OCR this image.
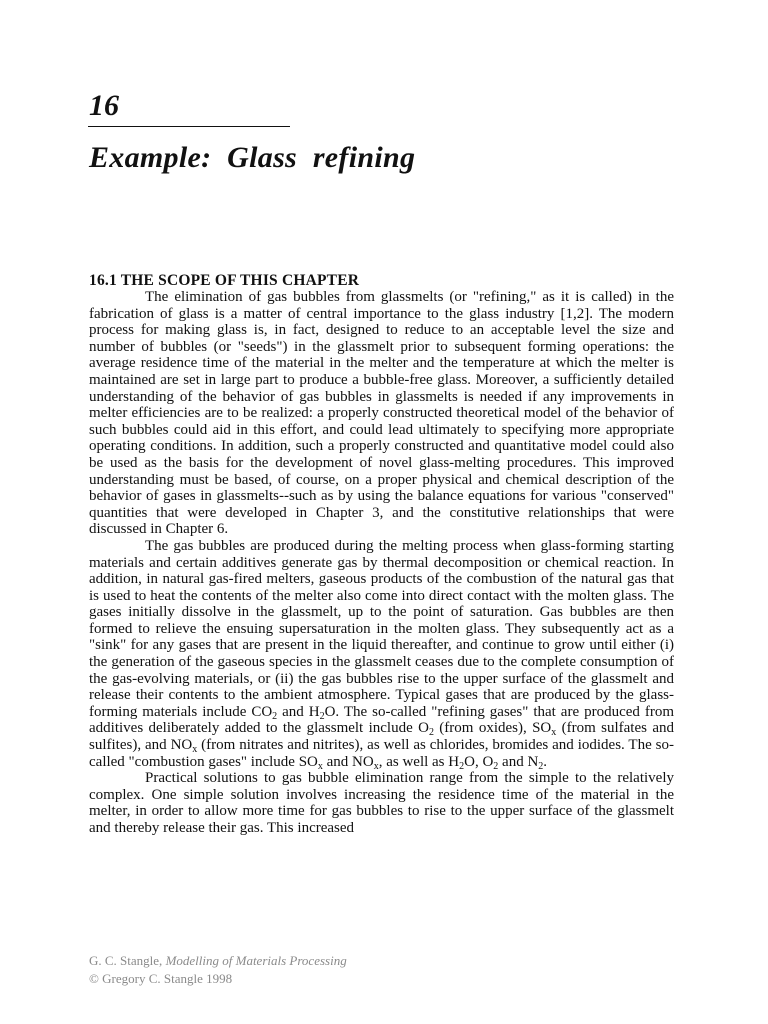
16
Example: Glass refining
16.1 THE SCOPE OF THIS CHAPTER

The elimination of gas bubbles from glassmelts (or "refining," as it is called) in the fabrication of glass is a matter of central importance to the glass industry [1,2]. The modern process for making glass is, in fact, designed to reduce to an acceptable level the size and number of bubbles (or "seeds") in the glassmelt prior to subsequent forming operations: the average residence time of the material in the melter and the temperature at which the melter is maintained are set in large part to produce a bubble-free glass. Moreover, a sufficiently detailed understanding of the behavior of gas bubbles in glassmelts is needed if any improvements in melter efficiencies are to be realized: a properly constructed theoretical model of the behavior of such bubbles could aid in this effort, and could lead ultimately to specifying more appropriate operating conditions. In addition, such a properly constructed and quantitative model could also be used as the basis for the development of novel glass-melting procedures. This improved understanding must be based, of course, on a proper physical and chemical description of the behavior of gases in glassmelts--such as by using the balance equations for various "conserved" quantities that were developed in Chapter 3, and the constitutive relationships that were discussed in Chapter 6.

The gas bubbles are produced during the melting process when glass-forming starting materials and certain additives generate gas by thermal decomposition or chemical reaction. In addition, in natural gas-fired melters, gaseous products of the combustion of the natural gas that is used to heat the contents of the melter also come into direct contact with the molten glass. The gases initially dissolve in the glassmelt, up to the point of saturation. Gas bubbles are then formed to relieve the ensuing supersaturation in the molten glass. They subsequently act as a "sink" for any gases that are present in the liquid thereafter, and continue to grow until either (i) the generation of the gaseous species in the glassmelt ceases due to the complete consumption of the gas-evolving materials, or (ii) the gas bubbles rise to the upper surface of the glassmelt and release their contents to the ambient atmosphere. Typical gases that are produced by the glass-forming materials include $CO_2$ and $H_2O$. The so-called "refining gases" that are produced from additives deliberately added to the glassmelt include $O_2$ (from oxides), $SO_x$ (from sulfates and sulfites), and $NO_x$ (from nitrates and nitrites), as well as chlorides, bromides and iodides. The so-called "combustion gases" include $SO_x$ and $NO_x$, as well as $H_2O$, $O_2$ and $N_2$.

Practical solutions to gas bubble elimination range from the simple to the relatively complex. One simple solution involves increasing the residence time of the material in the melter, in order to allow more time for gas bubbles to rise to the upper surface of the glassmelt and thereby release their gas. This increased

G. C. Stangle, Modelling of Materials Processing
© Gregory C. Stangle 1998
